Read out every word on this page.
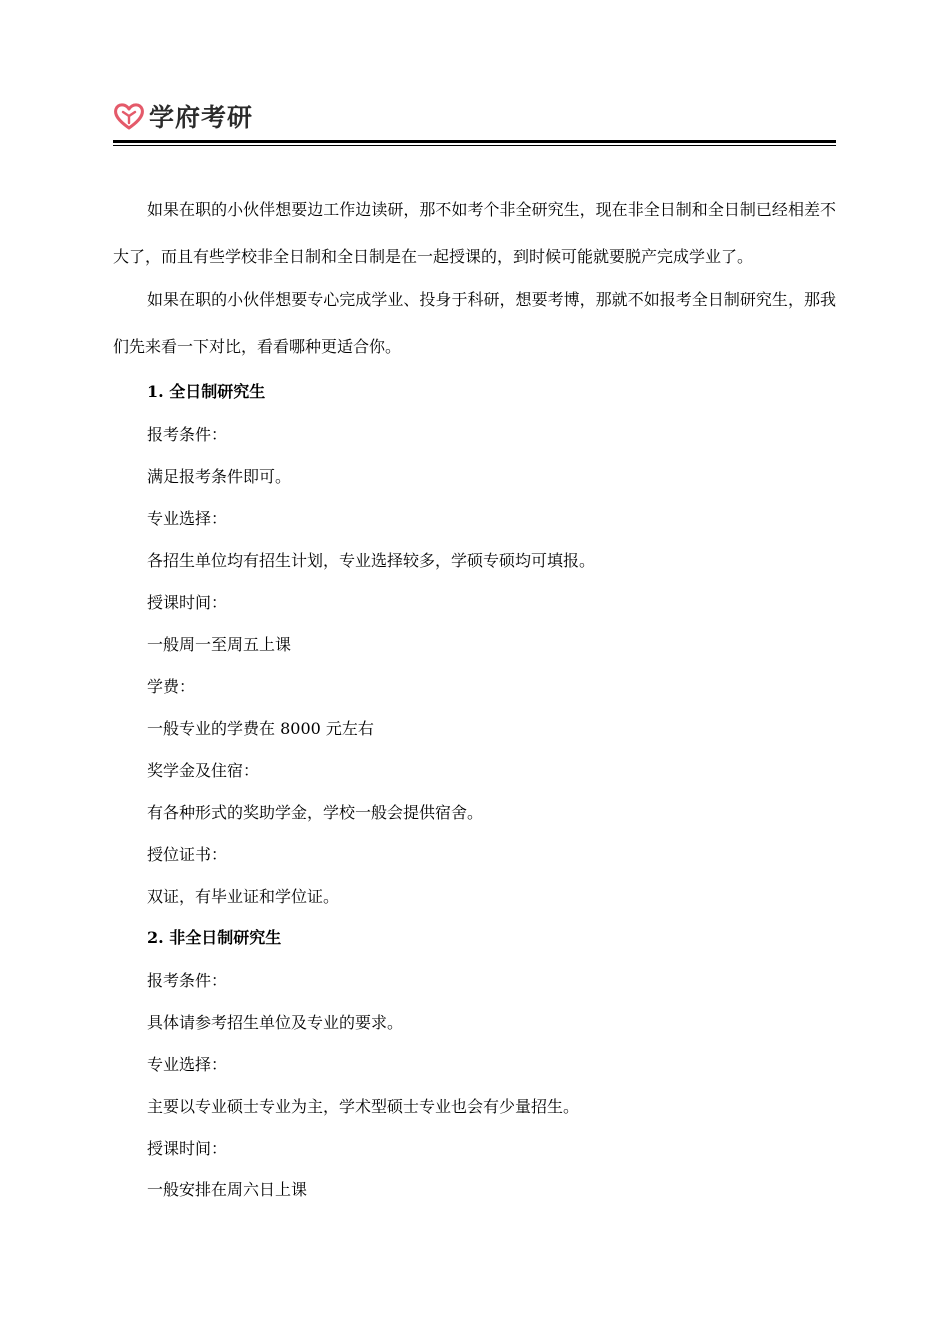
学府考研

如果在职的小伙伴想要边工作边读研，那不如考个非全研究生，现在非全日制和全日制已经相差不大了，而且有些学校非全日制和全日制是在一起授课的，到时候可能就要脱产完成学业了。

如果在职的小伙伴想要专心完成学业、投身于科研，想要考博，那就不如报考全日制研究生，那我们先来看一下对比，看看哪种更适合你。

1. 全日制研究生
报考条件：
满足报考条件即可。
专业选择：
各招生单位均有招生计划，专业选择较多，学硕专硕均可填报。
授课时间：
一般周一至周五上课
学费：
一般专业的学费在 8000 元左右
奖学金及住宿：
有各种形式的奖助学金，学校一般会提供宿舍。
授位证书：
双证，有毕业证和学位证。
2. 非全日制研究生
报考条件：
具体请参考招生单位及专业的要求。
专业选择：
主要以专业硕士专业为主，学术型硕士专业也会有少量招生。
授课时间：
一般安排在周六日上课
